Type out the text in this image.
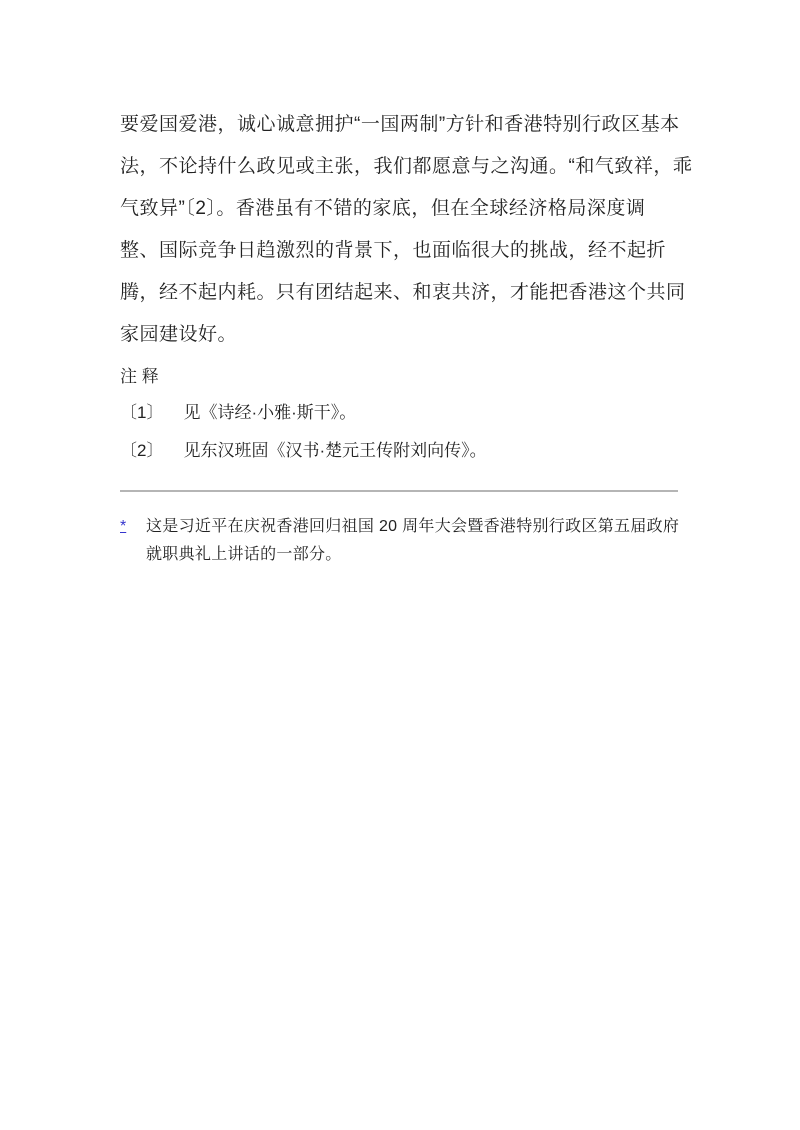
要爱国爱港，诚心诚意拥护“一国两制”方针和香港特别行政区基本
法，不论持什么政见或主张，我们都愿意与之沟通。“和气致祥，乖
气致异”〔2〕。香港虽有不错的家底，但在全球经济格局深度调
整、国际竞争日趋激烈的背景下，也面临很大的挑战，经不起折
腾，经不起内耗。只有团结起来、和衷共济，才能把香港这个共同
家园建设好。
注 释
〔1〕 见《诗经·小雅·斯干》。
〔2〕 见东汉班固《汉书·楚元王传附刘向传》。
*	这是习近平在庆祝香港回归祖国 20 周年大会暨香港特别行政区第五届政府
就职典礼上讲话的一部分。
